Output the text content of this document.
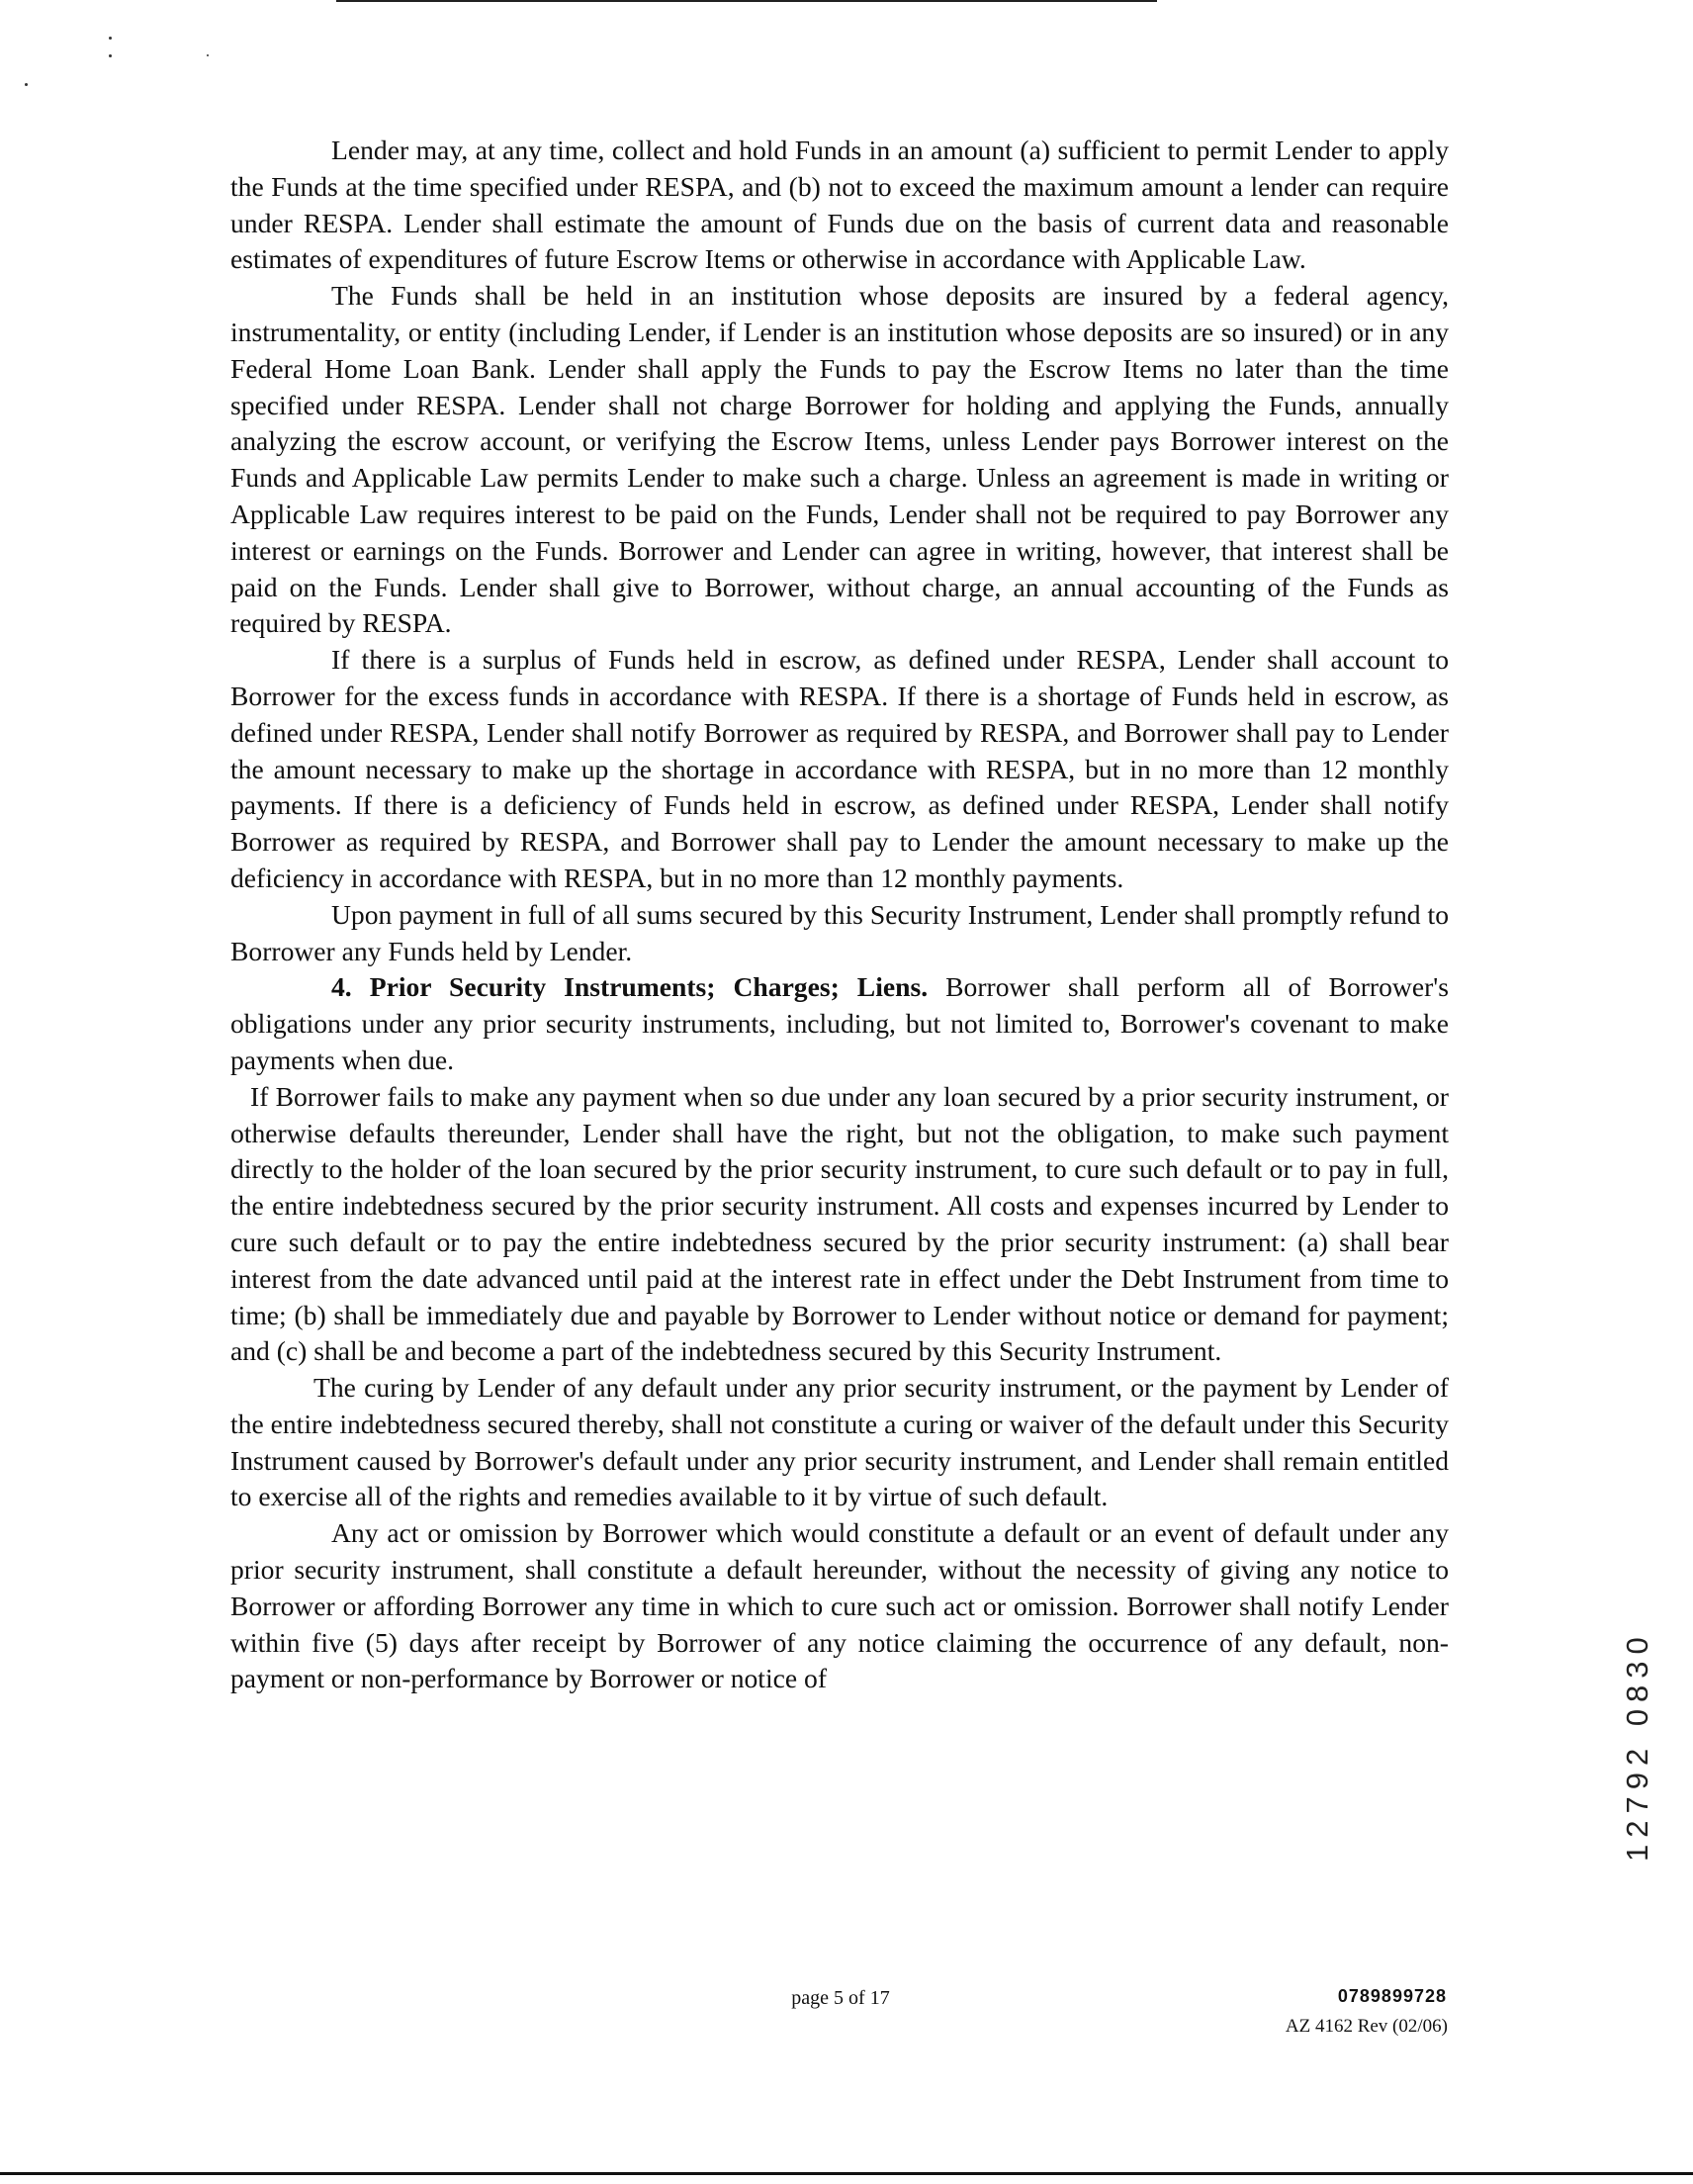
Lender may, at any time, collect and hold Funds in an amount (a) sufficient to permit Lender to apply the Funds at the time specified under RESPA, and (b) not to exceed the maximum amount a lender can require under RESPA. Lender shall estimate the amount of Funds due on the basis of current data and reasonable estimates of expenditures of future Escrow Items or otherwise in accordance with Applicable Law.

The Funds shall be held in an institution whose deposits are insured by a federal agency, instrumentality, or entity (including Lender, if Lender is an institution whose deposits are so insured) or in any Federal Home Loan Bank. Lender shall apply the Funds to pay the Escrow Items no later than the time specified under RESPA. Lender shall not charge Borrower for holding and applying the Funds, annually analyzing the escrow account, or verifying the Escrow Items, unless Lender pays Borrower interest on the Funds and Applicable Law permits Lender to make such a charge. Unless an agreement is made in writing or Applicable Law requires interest to be paid on the Funds, Lender shall not be required to pay Borrower any interest or earnings on the Funds. Borrower and Lender can agree in writing, however, that interest shall be paid on the Funds. Lender shall give to Borrower, without charge, an annual accounting of the Funds as required by RESPA.

If there is a surplus of Funds held in escrow, as defined under RESPA, Lender shall account to Borrower for the excess funds in accordance with RESPA. If there is a shortage of Funds held in escrow, as defined under RESPA, Lender shall notify Borrower as required by RESPA, and Borrower shall pay to Lender the amount necessary to make up the shortage in accordance with RESPA, but in no more than 12 monthly payments. If there is a deficiency of Funds held in escrow, as defined under RESPA, Lender shall notify Borrower as required by RESPA, and Borrower shall pay to Lender the amount necessary to make up the deficiency in accordance with RESPA, but in no more than 12 monthly payments.

Upon payment in full of all sums secured by this Security Instrument, Lender shall promptly refund to Borrower any Funds held by Lender.

4. Prior Security Instruments; Charges; Liens. Borrower shall perform all of Borrower's obligations under any prior security instruments, including, but not limited to, Borrower's covenant to make payments when due.

If Borrower fails to make any payment when so due under any loan secured by a prior security instrument, or otherwise defaults thereunder, Lender shall have the right, but not the obligation, to make such payment directly to the holder of the loan secured by the prior security instrument, to cure such default or to pay in full, the entire indebtedness secured by the prior security instrument. All costs and expenses incurred by Lender to cure such default or to pay the entire indebtedness secured by the prior security instrument: (a) shall bear interest from the date advanced until paid at the interest rate in effect under the Debt Instrument from time to time; (b) shall be immediately due and payable by Borrower to Lender without notice or demand for payment; and (c) shall be and become a part of the indebtedness secured by this Security Instrument.

The curing by Lender of any default under any prior security instrument, or the payment by Lender of the entire indebtedness secured thereby, shall not constitute a curing or waiver of the default under this Security Instrument caused by Borrower's default under any prior security instrument, and Lender shall remain entitled to exercise all of the rights and remedies available to it by virtue of such default.

Any act or omission by Borrower which would constitute a default or an event of default under any prior security instrument, shall constitute a default hereunder, without the necessity of giving any notice to Borrower or affording Borrower any time in which to cure such act or omission. Borrower shall notify Lender within five (5) days after receipt by Borrower of any notice claiming the occurrence of any default, non-payment or non-performance by Borrower or notice of

page 5 of 17	0789899728
AZ 4162 Rev (02/06)
12792 0830
